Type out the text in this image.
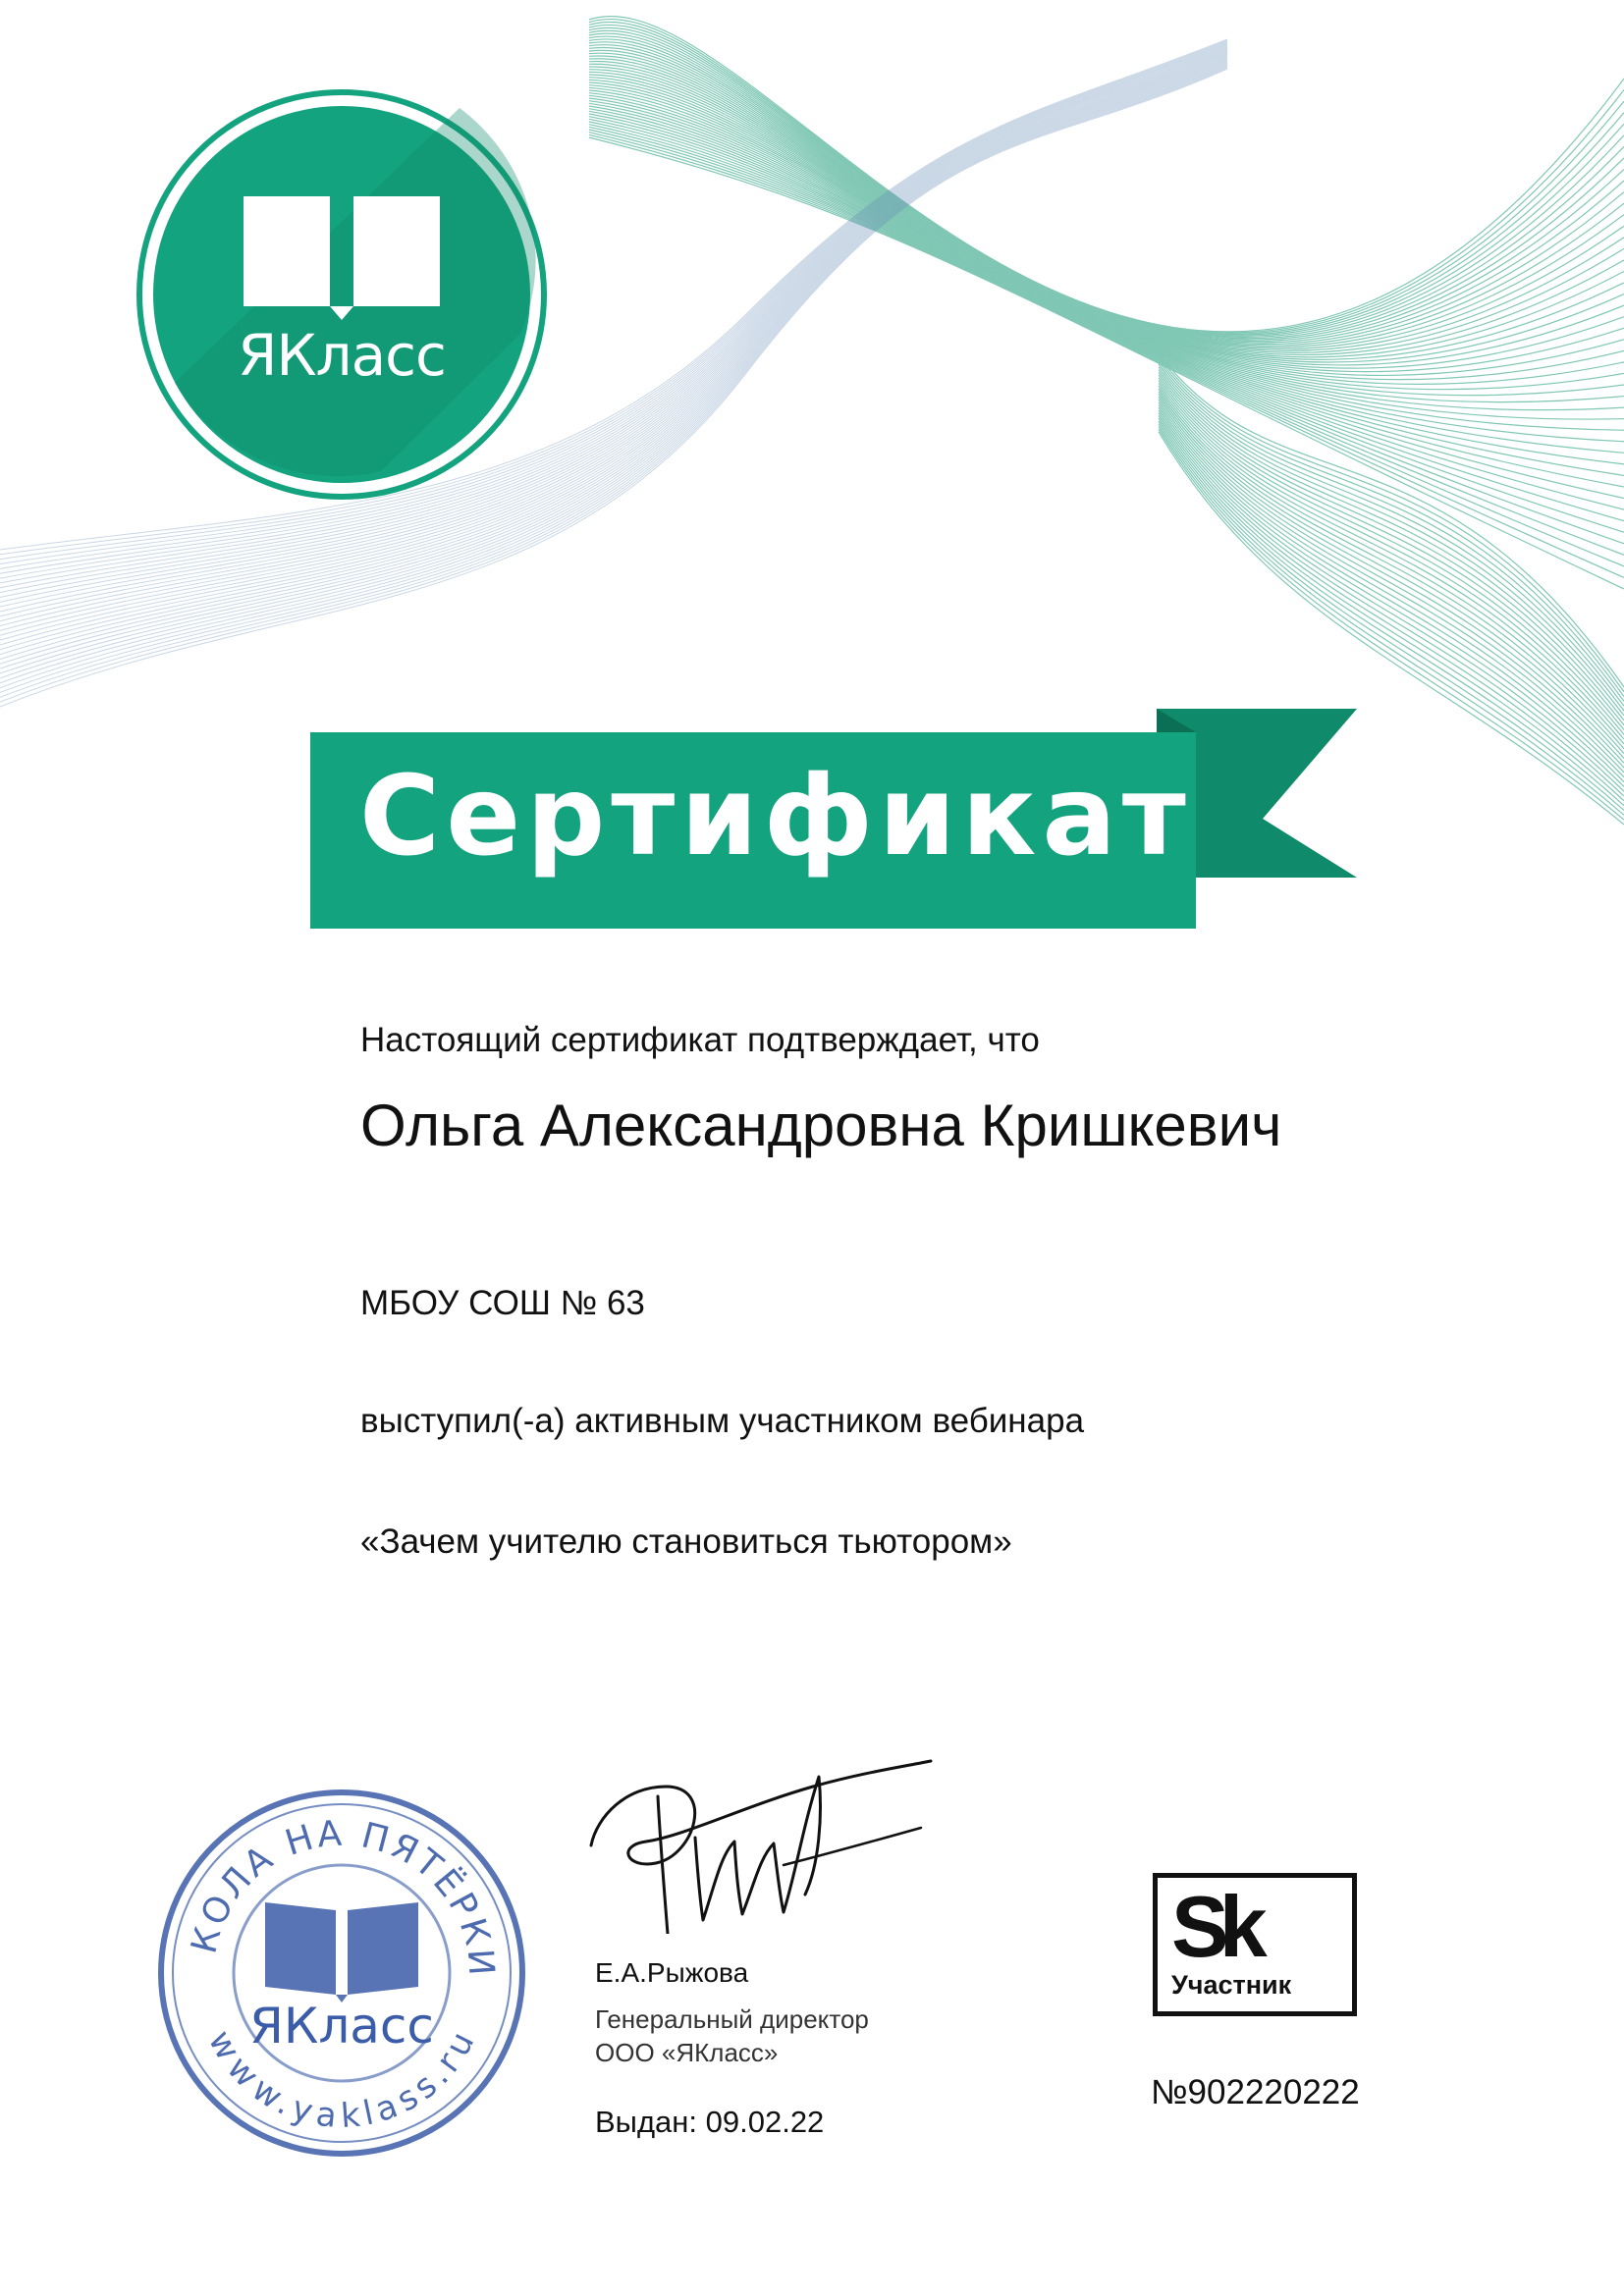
ЯКласс
Сертификат
Настоящий сертификат подтверждает, что
Ольга Александровна Кришкевич
МБОУ СОШ № 63
выступил(-а) активным участником вебинара
«Зачем учителю становиться тьютором»
КОЛА НА ПЯТЁРКИ
www.yaklass.ru
ЯКласс
Е.А.Рыжова
Генеральный директор
ООО «ЯКласс»
Выдан: 09.02.22
Sk
Участник
№902220222
